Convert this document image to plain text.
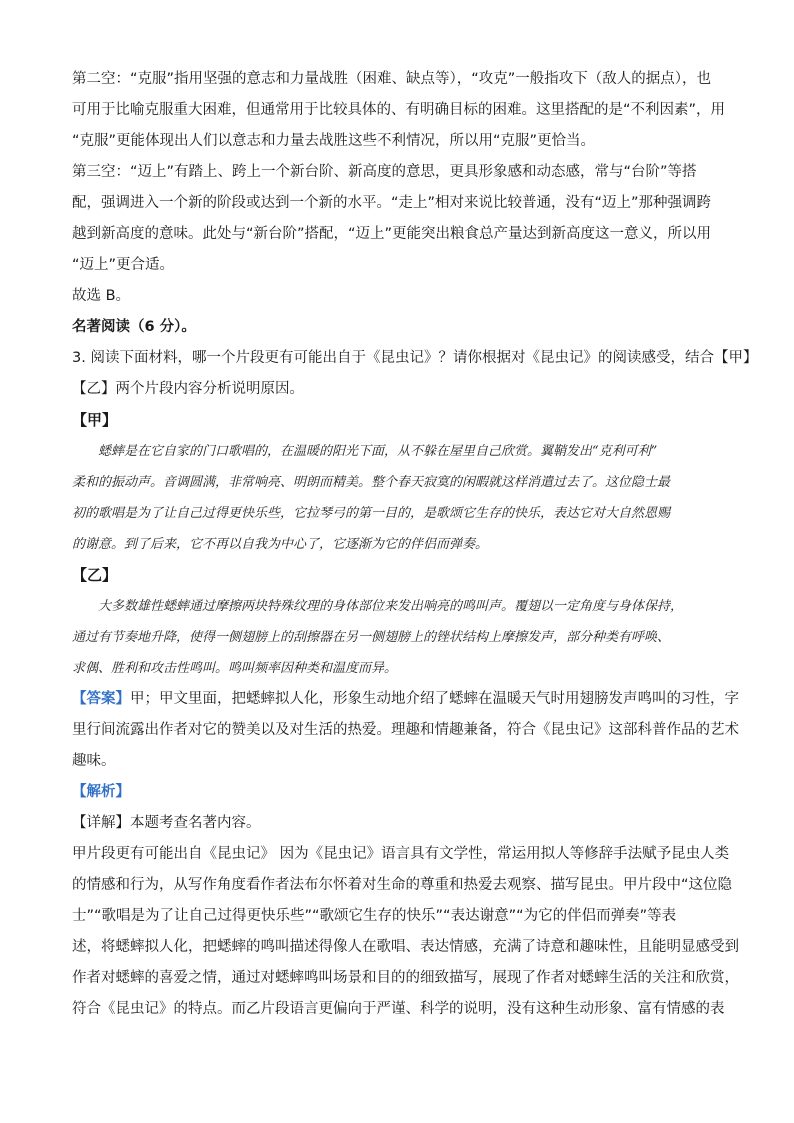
第二空：“克服”指用坚强的意志和力量战胜（困难、缺点等），“攻克”一般指攻下（敌人的据点），也
可用于比喻克服重大困难，但通常用于比较具体的、有明确目标的困难。这里搭配的是“不利因素”，用
“克服”更能体现出人们以意志和力量去战胜这些不利情况，所以用“克服”更恰当。
第三空：“迈上”有踏上、跨上一个新台阶、新高度的意思，更具形象感和动态感，常与“台阶”等搭
配，强调进入一个新的阶段或达到一个新的水平。“走上”相对来说比较普通，没有“迈上”那种强调跨
越到新高度的意味。此处与“新台阶”搭配，“迈上”更能突出粮食总产量达到新高度这一意义，所以用
“迈上”更合适。
故选 B。
名著阅读（6 分）。
3. 阅读下面材料，哪一个片段更有可能出自于《昆虫记》？请你根据对《昆虫记》的阅读感受，结合【甲】
【乙】两个片段内容分析说明原因。
【甲】
蟋蟀是在它自家的门口歌唱的，在温暖的阳光下面，从不躲在屋里自己欣赏。翼鞘发出“克利可利”
柔和的振动声。音调圆满，非常响亮、明朗而精美。整个春天寂寞的闲暇就这样消遣过去了。这位隐士最
初的歌唱是为了让自己过得更快乐些，它拉琴弓的第一目的，是歌颂它生存的快乐，表达它对大自然恩赐
的谢意。到了后来，它不再以自我为中心了，它逐渐为它的伴侣而弹奏。
【乙】
大多数雄性蟋蟀通过摩擦两块特殊纹理的身体部位来发出响亮的鸣叫声。覆翅以一定角度与身体保持，
通过有节奏地升降，使得一侧翅膀上的刮擦器在另一侧翅膀上的锉状结构上摩擦发声，部分种类有呼唤、
求偶、胜利和攻击性鸣叫。鸣叫频率因种类和温度而异。
【答案】甲；甲文里面，把蟋蟀拟人化，形象生动地介绍了蟋蟀在温暖天气时用翅膀发声鸣叫的习性，字
里行间流露出作者对它的赞美以及对生活的热爱。理趣和情趣兼备，符合《昆虫记》这部科普作品的艺术
趣味。
【解析】
【详解】本题考查名著内容。
甲片段更有可能出自《昆虫记》 因为《昆虫记》语言具有文学性，常运用拟人等修辞手法赋予昆虫人类
的情感和行为，从写作角度看作者法布尔怀着对生命的尊重和热爱去观察、描写昆虫。甲片段中“这位隐
士”“歌唱是为了让自己过得更快乐些”“歌颂它生存的快乐”“表达谢意”“为它的伴侣而弹奏”等表
述，将蟋蟀拟人化，把蟋蟀的鸣叫描述得像人在歌唱、表达情感，充满了诗意和趣味性，且能明显感受到
作者对蟋蟀的喜爱之情，通过对蟋蟀鸣叫场景和目的的细致描写，展现了作者对蟋蟀生活的关注和欣赏，
符合《昆虫记》的特点。而乙片段语言更偏向于严谨、科学的说明，没有这种生动形象、富有情感的表
